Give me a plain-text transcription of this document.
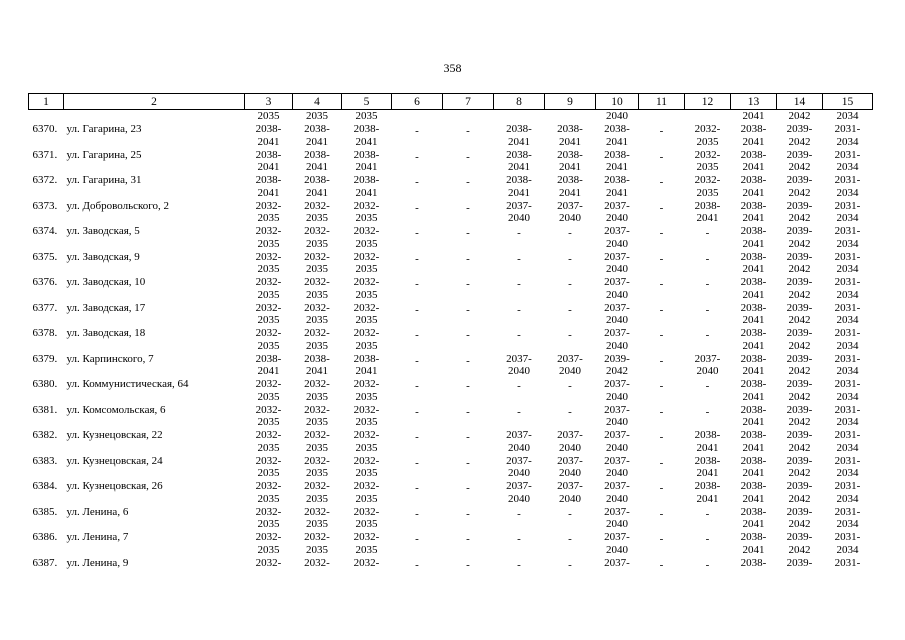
358
1	2	3	4	5	6	7	8	9	10	11	12	13	14	15
		2035	2035	2035					2040			2041	2042	2034
6370.	ул. Гагарина, 23	2038-
2041	2038-
2041	2038-
2041	-	-	2038-
2041	2038-
2041	2038-
2041	-	2032-
2035	2038-
2041	2039-
2042	2031-
2034

6371.	ул. Гагарина, 25	2038-
2041	2038-
2041	2038-
2041	-	-	2038-
2041	2038-
2041	2038-
2041	-	2032-
2035	2038-
2041	2039-
2042	2031-
2034

6372.	ул. Гагарина, 31	2038-
2041	2038-
2041	2038-
2041	-	-	2038-
2041	2038-
2041	2038-
2041	-	2032-
2035	2038-
2041	2039-
2042	2031-
2034

6373.	ул. Добровольского, 2	2032-
2035	2032-
2035	2032-
2035	-	-	2037-
2040	2037-
2040	2037-
2040	-	2038-
2041	2038-
2041	2039-
2042	2031-
2034

6374.	ул. Заводская, 5	2032-
2035	2032-
2035	2032-
2035	-	-	-	-	2037-
2040	-	-	2038-
2041	2039-
2042	2031-
2034

6375.	ул. Заводская, 9	2032-
2035	2032-
2035	2032-
2035	-	-	-	-	2037-
2040	-	-	2038-
2041	2039-
2042	2031-
2034

6376.	ул. Заводская, 10	2032-
2035	2032-
2035	2032-
2035	-	-	-	-	2037-
2040	-	-	2038-
2041	2039-
2042	2031-
2034

6377.	ул. Заводская, 17	2032-
2035	2032-
2035	2032-
2035	-	-	-	-	2037-
2040	-	-	2038-
2041	2039-
2042	2031-
2034

6378.	ул. Заводская, 18	2032-
2035	2032-
2035	2032-
2035	-	-	-	-	2037-
2040	-	-	2038-
2041	2039-
2042	2031-
2034

6379.	ул. Карпинского, 7	2038-
2041	2038-
2041	2038-
2041	-	-	2037-
2040	2037-
2040	2039-
2042	-	2037-
2040	2038-
2041	2039-
2042	2031-
2034

6380.	ул. Коммунистическая, 64	2032-
2035	2032-
2035	2032-
2035	-	-	-	-	2037-
2040	-	-	2038-
2041	2039-
2042	2031-
2034

6381.	ул. Комсомольская, 6	2032-
2035	2032-
2035	2032-
2035	-	-	-	-	2037-
2040	-	-	2038-
2041	2039-
2042	2031-
2034

6382.	ул. Кузнецовская, 22	2032-
2035	2032-
2035	2032-
2035	-	-	2037-
2040	2037-
2040	2037-
2040	-	2038-
2041	2038-
2041	2039-
2042	2031-
2034

6383.	ул. Кузнецовская, 24	2032-
2035	2032-
2035	2032-
2035	-	-	2037-
2040	2037-
2040	2037-
2040	-	2038-
2041	2038-
2041	2039-
2042	2031-
2034

6384.	ул. Кузнецовская, 26	2032-
2035	2032-
2035	2032-
2035	-	-	2037-
2040	2037-
2040	2037-
2040	-	2038-
2041	2038-
2041	2039-
2042	2031-
2034

6385.	ул. Ленина, 6	2032-
2035	2032-
2035	2032-
2035	-	-	-	-	2037-
2040	-	-	2038-
2041	2039-
2042	2031-
2034

6386.	ул. Ленина, 7	2032-
2035	2032-
2035	2032-
2035	-	-	-	-	2037-
2040	-	-	2038-
2041	2039-
2042	2031-
2034

6387.	ул. Ленина, 9	2032-	2032-	2032-	-	-	-	-	2037-	-	-	2038-	2039-	2031-
